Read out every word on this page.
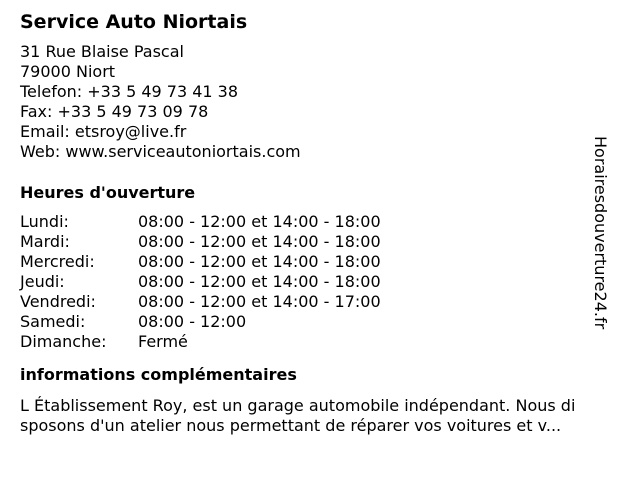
Service Auto Niortais
31 Rue Blaise Pascal
79000 Niort
Telefon: +33 5 49 73 41 38
Fax: +33 5 49 73 09 78
Email: etsroy@live.fr
Web: www.serviceautoniortais.com
Heures d'ouverture
Lundi:	08:00 - 12:00 et 14:00 - 18:00
Mardi:	08:00 - 12:00 et 14:00 - 18:00
Mercredi:	08:00 - 12:00 et 14:00 - 18:00
Jeudi:	08:00 - 12:00 et 14:00 - 18:00
Vendredi:	08:00 - 12:00 et 14:00 - 17:00
Samedi:	08:00 - 12:00
Dimanche:	Fermé
informations complémentaires
L Établissement Roy, est un garage automobile indépendant. Nous di
sposons d'un atelier nous permettant de réparer vos voitures et v...
Horairesdouverture24.fr
